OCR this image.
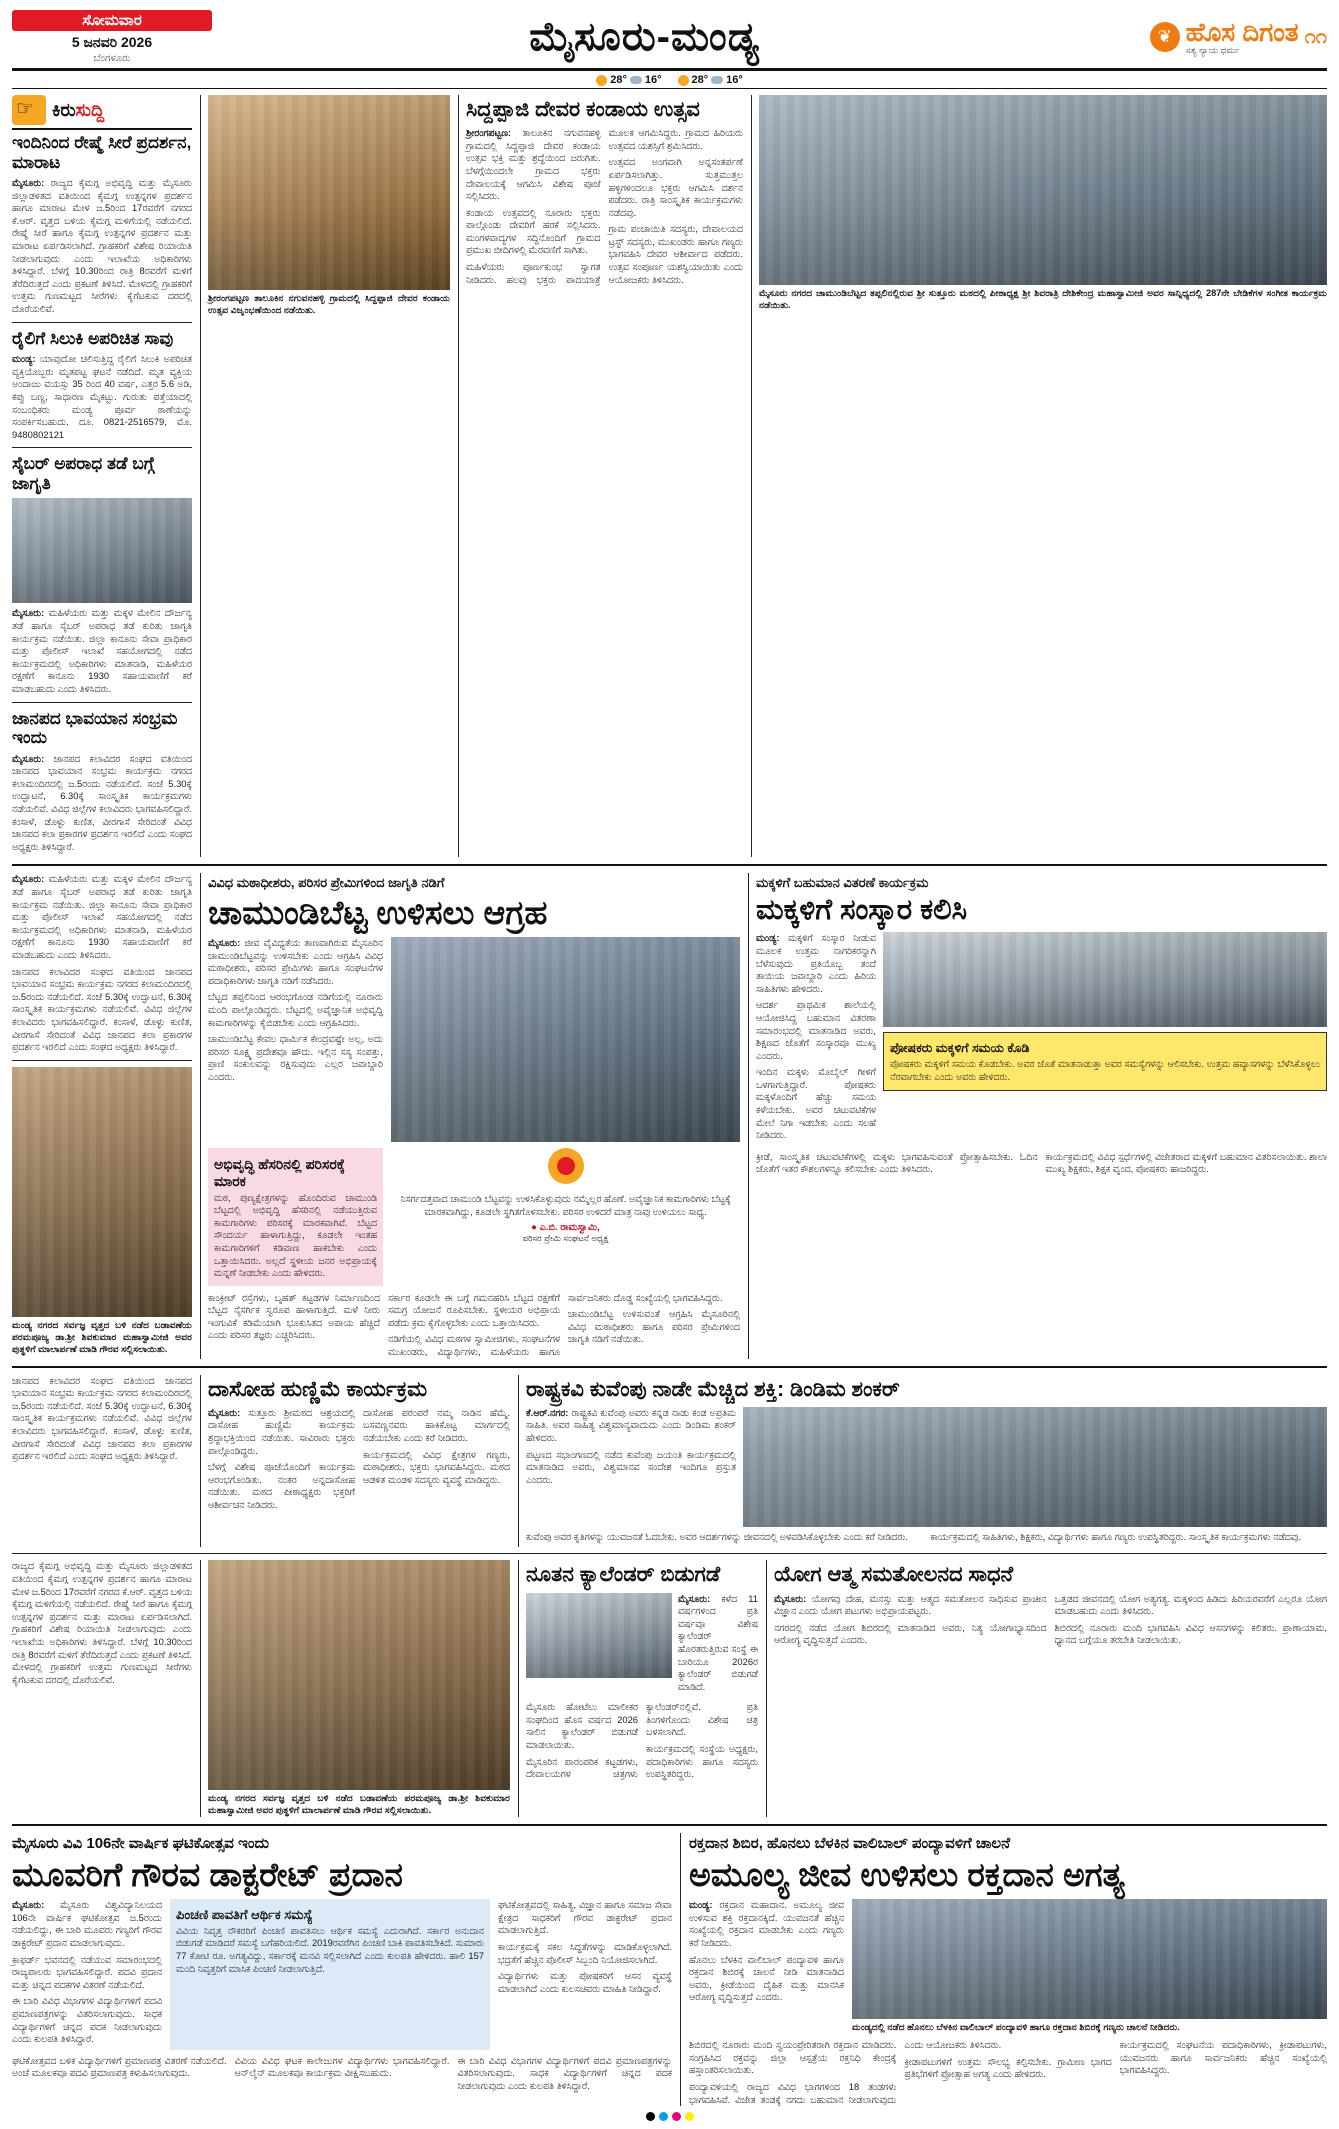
ಸೋಮವಾರ
5 ಜನವರಿ 2026
ಬೆಂಗಳೂರು	ಮೈಸೂರು-ಮಂಡ್ಯ	❦ ಹೊಸ ದಿಗಂತ
ಸತ್ಯ ನ್ಯಾಯ ಧರ್ಮ
೧೧
28° 16°	28° 16°
☞
ಕಿರುಸುದ್ದಿ
ಇಂದಿನಿಂದ ರೇಷ್ಮೆ ಸೀರೆ ಪ್ರದರ್ಶನ, ಮಾರಾಟ

ಮೈಸೂರು: ರಾಜ್ಯದ ಕೈಮಗ್ಗ ಅಭಿವೃದ್ಧಿ ಮತ್ತು ಮೈಸೂರು ಜಿಲ್ಲಾಡಳಿತದ ವತಿಯಿಂದ ಕೈಮಗ್ಗ ಉತ್ಪನ್ನಗಳ ಪ್ರದರ್ಶನ ಹಾಗೂ ಮಾರಾಟ ಮೇಳ ಜ.5ರಿಂದ 17ರವರೆಗೆ ನಗರದ ಕೆ.ಆರ್. ವೃತ್ತದ ಬಳಿಯ ಕೈಮಗ್ಗ ಮಳಿಗೆಯಲ್ಲಿ ನಡೆಯಲಿದೆ. ರೇಷ್ಮೆ ಸೀರೆ ಹಾಗೂ ಕೈಮಗ್ಗ ಉತ್ಪನ್ನಗಳ ಪ್ರದರ್ಶನ ಮತ್ತು ಮಾರಾಟ ಏರ್ಪಡಿಸಲಾಗಿದೆ. ಗ್ರಾಹಕರಿಗೆ ವಿಶೇಷ ರಿಯಾಯಿತಿ ನೀಡಲಾಗುವುದು ಎಂದು ಇಲಾಖೆಯ ಅಧಿಕಾರಿಗಳು ತಿಳಿಸಿದ್ದಾರೆ. ಬೆಳಗ್ಗೆ 10.30ರಿಂದ ರಾತ್ರಿ 8ರವರೆಗೆ ಮಳಿಗೆ ತೆರೆದಿರುತ್ತದೆ ಎಂದು ಪ್ರಕಟಣೆ ತಿಳಿಸಿದೆ. ಮೇಳದಲ್ಲಿ ಗ್ರಾಹಕರಿಗೆ ಉತ್ತಮ ಗುಣಮಟ್ಟದ ಸೀರೆಗಳು ಕೈಗೆಟಕುವ ದರದಲ್ಲಿ ದೊರೆಯಲಿವೆ.

ರೈಲಿಗೆ ಸಿಲುಕಿ ಅಪರಿಚಿತ ಸಾವು

ಮಂಡ್ಯ: ಯಾವುದೋ ಚಲಿಸುತ್ತಿದ್ದ ರೈಲಿಗೆ ಸಿಲುಕಿ ಅಪರಿಚಿತ ವ್ಯಕ್ತಿಯೊಬ್ಬರು ಮೃತಪಟ್ಟ ಘಟನೆ ನಡೆದಿದೆ. ಮೃತ ವ್ಯಕ್ತಿಯ ಅಂದಾಜು ವಯಸ್ಸು 35 ರಿಂದ 40 ವರ್ಷ, ಎತ್ತರ 5.6 ಅಡಿ, ಕಪ್ಪು ಬಣ್ಣ, ಸಾಧಾರಣ ಮೈಕಟ್ಟು. ಗುರುತು ಪತ್ತೆಯಾದಲ್ಲಿ ಸಂಬಂಧಿಕರು ಮಂಡ್ಯ ಪೂರ್ವ ಠಾಣೆಯನ್ನು ಸಂಪರ್ಕಿಸಬಹುದು. ದೂ. 0821-2516579, ಮೊ. 9480802121

ಸೈಬರ್ ಅಪರಾಧ ತಡೆ ಬಗ್ಗೆ ಜಾಗೃತಿ

ಮೈಸೂರು: ಮಹಿಳೆಯರು ಮತ್ತು ಮಕ್ಕಳ ಮೇಲಿನ ದೌರ್ಜನ್ಯ ತಡೆ ಹಾಗೂ ಸೈಬರ್ ಅಪರಾಧ ತಡೆ ಕುರಿತು ಜಾಗೃತಿ ಕಾರ್ಯಕ್ರಮ ನಡೆಯಿತು. ಜಿಲ್ಲಾ ಕಾನೂನು ಸೇವಾ ಪ್ರಾಧಿಕಾರ ಮತ್ತು ಪೊಲೀಸ್ ಇಲಾಖೆ ಸಹಯೋಗದಲ್ಲಿ ನಡೆದ ಕಾರ್ಯಕ್ರಮದಲ್ಲಿ ಅಧಿಕಾರಿಗಳು ಮಾತನಾಡಿ, ಮಹಿಳೆಯರ ರಕ್ಷಣೆಗೆ ಕಾನೂನು 1930 ಸಹಾಯವಾಣಿಗೆ ಕರೆ ಮಾಡಬಹುದು ಎಂದು ತಿಳಿಸಿದರು.

ಜಾನಪದ ಭಾವಯಾನ ಸಂಭ್ರಮ ಇಂದು

ಮೈಸೂರು: ಜಾನಪದ ಕಲಾವಿದರ ಸಂಘದ ವತಿಯಿಂದ ಜಾನಪದ ಭಾವಯಾನ ಸಂಭ್ರಮ ಕಾರ್ಯಕ್ರಮ ನಗರದ ಕಲಾಮಂದಿರದಲ್ಲಿ ಜ.5ರಂದು ನಡೆಯಲಿದೆ. ಸಂಜೆ 5.30ಕ್ಕೆ ಉದ್ಘಾಟನೆ, 6.30ಕ್ಕೆ ಸಾಂಸ್ಕೃತಿಕ ಕಾರ್ಯಕ್ರಮಗಳು ನಡೆಯಲಿವೆ. ವಿವಿಧ ಜಿಲ್ಲೆಗಳ ಕಲಾವಿದರು ಭಾಗವಹಿಸಲಿದ್ದಾರೆ. ಕಂಸಾಳೆ, ಡೊಳ್ಳು ಕುಣಿತ, ವೀರಗಾಸೆ ಸೇರಿದಂತೆ ವಿವಿಧ ಜಾನಪದ ಕಲಾ ಪ್ರಕಾರಗಳ ಪ್ರದರ್ಶನ ಇರಲಿದೆ ಎಂದು ಸಂಘದ ಅಧ್ಯಕ್ಷರು ತಿಳಿಸಿದ್ದಾರೆ.

ಶ್ರೀರಂಗಪಟ್ಟಣ ತಾಲೂಕಿನ ನಗುವನಹಳ್ಳಿ ಗ್ರಾಮದಲ್ಲಿ ಸಿದ್ದಪ್ಪಾಜಿ ದೇವರ ಕಂಡಾಯ ಉತ್ಸವ ವಿಜೃಂಭಣೆಯಿಂದ ನಡೆಯಿತು.
ಸಿದ್ದಪ್ಪಾಜಿ ದೇವರ ಕಂಡಾಯ ಉತ್ಸವ

ಶ್ರೀರಂಗಪಟ್ಟಣ: ತಾಲೂಕಿನ ನಗುವನಹಳ್ಳಿ ಗ್ರಾಮದಲ್ಲಿ ಸಿದ್ದಪ್ಪಾಜಿ ದೇವರ ಕಂಡಾಯ ಉತ್ಸವ ಭಕ್ತಿ ಮತ್ತು ಶ್ರದ್ಧೆಯಿಂದ ಜರುಗಿತು. ಬೆಳಗ್ಗೆಯಿಂದಲೇ ಗ್ರಾಮದ ಭಕ್ತರು ದೇವಾಲಯಕ್ಕೆ ಆಗಮಿಸಿ ವಿಶೇಷ ಪೂಜೆ ಸಲ್ಲಿಸಿದರು.

ಕಂಡಾಯ ಉತ್ಸವದಲ್ಲಿ ನೂರಾರು ಭಕ್ತರು ಪಾಲ್ಗೊಂಡು ದೇವರಿಗೆ ಹರಕೆ ಸಲ್ಲಿಸಿದರು. ಮಂಗಳವಾದ್ಯಗಳ ಸದ್ದಿನೊಂದಿಗೆ ಗ್ರಾಮದ ಪ್ರಮುಖ ಬೀದಿಗಳಲ್ಲಿ ಮೆರವಣಿಗೆ ಸಾಗಿತು.

ಮಹಿಳೆಯರು ಪೂರ್ಣಕುಂಭ ಸ್ವಾಗತ ನೀಡಿದರು. ಹಲವು ಭಕ್ತರು ಪಾದಯಾತ್ರೆ ಮೂಲಕ ಆಗಮಿಸಿದ್ದರು. ಗ್ರಾಮದ ಹಿರಿಯರು ಉತ್ಸವದ ಯಶಸ್ಸಿಗೆ ಶ್ರಮಿಸಿದರು.

ಉತ್ಸವದ ಅಂಗವಾಗಿ ಅನ್ನಸಂತರ್ಪಣೆ ಏರ್ಪಡಿಸಲಾಗಿತ್ತು. ಸುತ್ತಮುತ್ತಲ ಹಳ್ಳಿಗಳಿಂದಲೂ ಭಕ್ತರು ಆಗಮಿಸಿ ದರ್ಶನ ಪಡೆದರು. ರಾತ್ರಿ ಸಾಂಸ್ಕೃತಿಕ ಕಾರ್ಯಕ್ರಮಗಳು ನಡೆದವು.

ಗ್ರಾಮ ಪಂಚಾಯಿತಿ ಸದಸ್ಯರು, ದೇವಾಲಯದ ಟ್ರಸ್ಟ್ ಸದಸ್ಯರು, ಮುಖಂಡರು ಹಾಗೂ ಗಣ್ಯರು ಭಾಗವಹಿಸಿ ದೇವರ ಆಶೀರ್ವಾದ ಪಡೆದರು. ಉತ್ಸವ ಸಂಪೂರ್ಣ ಯಶಸ್ವಿಯಾಯಿತು ಎಂದು ಆಯೋಜಕರು ತಿಳಿಸಿದರು.

ಮೈಸೂರು ನಗರದ ಚಾಮುಂಡಿಬೆಟ್ಟದ ತಪ್ಪಲಿನಲ್ಲಿರುವ ಶ್ರೀ ಸುತ್ತೂರು ಮಠದಲ್ಲಿ ಪೀಠಾಧ್ಯಕ್ಷ ಶ್ರೀ ಶಿವರಾತ್ರಿ ದೇಶಿಕೇಂದ್ರ ಮಹಾಸ್ವಾಮೀಜಿ ಅವರ ಸಾನ್ನಿಧ್ಯದಲ್ಲಿ 287ನೇ ಬೇಡಿಕೆಗಳ ಸಂಗೀತ ಕಾರ್ಯಕ್ರಮ ನಡೆಯಿತು.

ಮೈಸೂರು: ಮಹಿಳೆಯರು ಮತ್ತು ಮಕ್ಕಳ ಮೇಲಿನ ದೌರ್ಜನ್ಯ ತಡೆ ಹಾಗೂ ಸೈಬರ್ ಅಪರಾಧ ತಡೆ ಕುರಿತು ಜಾಗೃತಿ ಕಾರ್ಯಕ್ರಮ ನಡೆಯಿತು. ಜಿಲ್ಲಾ ಕಾನೂನು ಸೇವಾ ಪ್ರಾಧಿಕಾರ ಮತ್ತು ಪೊಲೀಸ್ ಇಲಾಖೆ ಸಹಯೋಗದಲ್ಲಿ ನಡೆದ ಕಾರ್ಯಕ್ರಮದಲ್ಲಿ ಅಧಿಕಾರಿಗಳು ಮಾತನಾಡಿ, ಮಹಿಳೆಯರ ರಕ್ಷಣೆಗೆ ಕಾನೂನು 1930 ಸಹಾಯವಾಣಿಗೆ ಕರೆ ಮಾಡಬಹುದು ಎಂದು ತಿಳಿಸಿದರು.

ಜಾನಪದ ಕಲಾವಿದರ ಸಂಘದ ವತಿಯಿಂದ ಜಾನಪದ ಭಾವಯಾನ ಸಂಭ್ರಮ ಕಾರ್ಯಕ್ರಮ ನಗರದ ಕಲಾಮಂದಿರದಲ್ಲಿ ಜ.5ರಂದು ನಡೆಯಲಿದೆ. ಸಂಜೆ 5.30ಕ್ಕೆ ಉದ್ಘಾಟನೆ, 6.30ಕ್ಕೆ ಸಾಂಸ್ಕೃತಿಕ ಕಾರ್ಯಕ್ರಮಗಳು ನಡೆಯಲಿವೆ. ವಿವಿಧ ಜಿಲ್ಲೆಗಳ ಕಲಾವಿದರು ಭಾಗವಹಿಸಲಿದ್ದಾರೆ. ಕಂಸಾಳೆ, ಡೊಳ್ಳು ಕುಣಿತ, ವೀರಗಾಸೆ ಸೇರಿದಂತೆ ವಿವಿಧ ಜಾನಪದ ಕಲಾ ಪ್ರಕಾರಗಳ ಪ್ರದರ್ಶನ ಇರಲಿದೆ ಎಂದು ಸಂಘದ ಅಧ್ಯಕ್ಷರು ತಿಳಿಸಿದ್ದಾರೆ.

ಮಂಡ್ಯ ನಗರದ ಸರ್ವಜ್ಞ ವೃತ್ತದ ಬಳಿ ನಡೆದ ಬಡಾವಣೆಯ ಪರಮಪೂಜ್ಯ ಡಾ.ಶ್ರೀ ಶಿವಕುಮಾರ ಮಹಾಸ್ವಾಮೀಜಿ ಅವರ ಪುತ್ಥಳಿಗೆ ಮಾಲಾರ್ಪಣೆ ಮಾಡಿ ಗೌರವ ಸಲ್ಲಿಸಲಾಯಿತು.
ವಿವಿಧ ಮಠಾಧೀಶರು, ಪರಿಸರ ಪ್ರೇಮಿಗಳಿಂದ ಜಾಗೃತಿ ನಡಿಗೆ
ಚಾಮುಂಡಿಬೆಟ್ಟ ಉಳಿಸಲು ಆಗ್ರಹ

ಮೈಸೂರು: ಜೀವ ವೈವಿಧ್ಯತೆಯ ತಾಣವಾಗಿರುವ ಮೈಸೂರಿನ ಚಾಮುಂಡಿಬೆಟ್ಟವನ್ನು ಉಳಿಸಬೇಕು ಎಂದು ಆಗ್ರಹಿಸಿ ವಿವಿಧ ಮಠಾಧೀಶರು, ಪರಿಸರ ಪ್ರೇಮಿಗಳು ಹಾಗೂ ಸಂಘಟನೆಗಳ ಪದಾಧಿಕಾರಿಗಳು ಜಾಗೃತಿ ನಡಿಗೆ ನಡೆಸಿದರು.

ಬೆಟ್ಟದ ತಪ್ಪಲಿನಿಂದ ಆರಂಭಗೊಂಡ ನಡಿಗೆಯಲ್ಲಿ ನೂರಾರು ಮಂದಿ ಪಾಲ್ಗೊಂಡಿದ್ದರು. ಬೆಟ್ಟದಲ್ಲಿ ಅವೈಜ್ಞಾನಿಕ ಅಭಿವೃದ್ಧಿ ಕಾಮಗಾರಿಗಳನ್ನು ಕೈಬಿಡಬೇಕು ಎಂದು ಆಗ್ರಹಿಸಿದರು.

ಚಾಮುಂಡಿಬೆಟ್ಟ ಕೇವಲ ಧಾರ್ಮಿಕ ಕೇಂದ್ರವಷ್ಟೇ ಅಲ್ಲ, ಅದು ಪರಿಸರ ಸೂಕ್ಷ್ಮ ಪ್ರದೇಶವೂ ಹೌದು. ಇಲ್ಲಿನ ಸಸ್ಯ ಸಂಪತ್ತು, ಪ್ರಾಣಿ ಸಂಕುಲವನ್ನು ರಕ್ಷಿಸುವುದು ಎಲ್ಲರ ಜವಾಬ್ದಾರಿ ಎಂದರು.

ಅಭಿವೃದ್ಧಿ ಹೆಸರಿನಲ್ಲಿ ಪರಿಸರಕ್ಕೆ ಮಾರಕ
ಮಠ, ಪುಣ್ಯಕ್ಷೇತ್ರಗಳನ್ನು ಹೊಂದಿರುವ ಚಾಮುಂಡಿ ಬೆಟ್ಟದಲ್ಲಿ ಅಭಿವೃದ್ಧಿ ಹೆಸರಿನಲ್ಲಿ ನಡೆಯುತ್ತಿರುವ ಕಾಮಗಾರಿಗಳು ಪರಿಸರಕ್ಕೆ ಮಾರಕವಾಗಿವೆ. ಬೆಟ್ಟದ ಸೌಂದರ್ಯ ಹಾಳಾಗುತ್ತಿದ್ದು, ಕೂಡಲೇ ಇಂತಹ ಕಾಮಗಾರಿಗಳಿಗೆ ಕಡಿವಾಣ ಹಾಕಬೇಕು ಎಂದು ಒತ್ತಾಯಿಸಿದರು. ಅಲ್ಲದೆ ಸ್ಥಳೀಯ ಜನರ ಅಭಿಪ್ರಾಯಕ್ಕೆ ಮನ್ನಣೆ ನೀಡಬೇಕು ಎಂದು ಹೇಳಿದರು.
ನಿಸರ್ಗದತ್ತವಾದ ಚಾಮುಂಡಿ ಬೆಟ್ಟವನ್ನು ಉಳಿಸಿಕೊಳ್ಳುವುದು ನಮ್ಮೆಲ್ಲರ ಹೊಣೆ. ಅವೈಜ್ಞಾನಿಕ ಕಾಮಗಾರಿಗಳು ಬೆಟ್ಟಕ್ಕೆ ಮಾರಕವಾಗಿದ್ದು, ಕೂಡಲೇ ಸ್ಥಗಿತಗೊಳಿಸಬೇಕು. ಪರಿಸರ ಉಳಿದರೆ ಮಾತ್ರ ನಾವು ಉಳಿಯಲು ಸಾಧ್ಯ.
● ಎ.ಬಿ. ರಾಮಸ್ವಾಮಿ,
ಪರಿಸರ ಪ್ರೇಮಿ ಸಂಘಟನೆ ಅಧ್ಯಕ್ಷ

ಕಾಂಕ್ರೀಟ್ ರಸ್ತೆಗಳು, ಬೃಹತ್ ಕಟ್ಟಡಗಳ ನಿರ್ಮಾಣದಿಂದ ಬೆಟ್ಟದ ನೈಸರ್ಗಿಕ ಸ್ವರೂಪ ಹಾಳಾಗುತ್ತಿದೆ. ಮಳೆ ನೀರು ಇಂಗುವಿಕೆ ಕಡಿಮೆಯಾಗಿ ಭೂಕುಸಿತದ ಅಪಾಯ ಹೆಚ್ಚಿದೆ ಎಂದು ಪರಿಸರ ತಜ್ಞರು ಎಚ್ಚರಿಸಿದರು.

ಸರ್ಕಾರ ಕೂಡಲೇ ಈ ಬಗ್ಗೆ ಗಮನಹರಿಸಿ ಬೆಟ್ಟದ ರಕ್ಷಣೆಗೆ ಸಮಗ್ರ ಯೋಜನೆ ರೂಪಿಸಬೇಕು. ಸ್ಥಳೀಯರ ಅಭಿಪ್ರಾಯ ಪಡೆದು ಕ್ರಮ ಕೈಗೊಳ್ಳಬೇಕು ಎಂದು ಒತ್ತಾಯಿಸಿದರು.

ನಡಿಗೆಯಲ್ಲಿ ವಿವಿಧ ಮಠಗಳ ಸ್ವಾಮೀಜಿಗಳು, ಸಂಘಟನೆಗಳ ಮುಖಂಡರು, ವಿದ್ಯಾರ್ಥಿಗಳು, ಮಹಿಳೆಯರು ಹಾಗೂ ಸಾರ್ವಜನಿಕರು ದೊಡ್ಡ ಸಂಖ್ಯೆಯಲ್ಲಿ ಭಾಗವಹಿಸಿದ್ದರು.

ಚಾಮುಂಡಿಬೆಟ್ಟ ಉಳಿಸುವಂತೆ ಆಗ್ರಹಿಸಿ ಮೈಸೂರಿನಲ್ಲಿ ವಿವಿಧ ಮಠಾಧೀಶರು ಹಾಗೂ ಪರಿಸರ ಪ್ರೇಮಿಗಳಿಂದ ಜಾಗೃತಿ ನಡಿಗೆ ನಡೆಯಿತು.

ಮಕ್ಕಳಿಗೆ ಬಹುಮಾನ ವಿತರಣೆ ಕಾರ್ಯಕ್ರಮ
ಮಕ್ಕಳಿಗೆ ಸಂಸ್ಕಾರ ಕಲಿಸಿ

ಮಂಡ್ಯ: ಮಕ್ಕಳಿಗೆ ಸಂಸ್ಕಾರ ನೀಡುವ ಮೂಲಕ ಉತ್ತಮ ನಾಗರಿಕರನ್ನಾಗಿ ಬೆಳೆಸುವುದು ಪ್ರತಿಯೊಬ್ಬ ತಂದೆ ತಾಯಿಯ ಜವಾಬ್ದಾರಿ ಎಂದು ಹಿರಿಯ ಸಾಹಿತಿಗಳು ಹೇಳಿದರು.

ಆದರ್ಶ ಪ್ರಾಥಮಿಕ ಶಾಲೆಯಲ್ಲಿ ಆಯೋಜಿಸಿದ್ದ ಬಹುಮಾನ ವಿತರಣಾ ಸಮಾರಂಭದಲ್ಲಿ ಮಾತನಾಡಿದ ಅವರು, ಶಿಕ್ಷಣದ ಜೊತೆಗೆ ಸಂಸ್ಕಾರವೂ ಮುಖ್ಯ ಎಂದರು.

ಇಂದಿನ ಮಕ್ಕಳು ಮೊಬೈಲ್ ಗೀಳಿಗೆ ಒಳಗಾಗುತ್ತಿದ್ದಾರೆ. ಪೋಷಕರು ಮಕ್ಕಳೊಂದಿಗೆ ಹೆಚ್ಚು ಸಮಯ ಕಳೆಯಬೇಕು. ಅವರ ಚಟುವಟಿಕೆಗಳ ಮೇಲೆ ನಿಗಾ ಇಡಬೇಕು ಎಂದು ಸಲಹೆ ನೀಡಿದರು.

ಪೋಷಕರು ಮಕ್ಕಳಿಗೆ ಸಮಯ ಕೊಡಿ
ಪೋಷಕರು ಮಕ್ಕಳಿಗೆ ಸಮಯ ಕೊಡಬೇಕು. ಅವರ ಜೊತೆ ಮಾತನಾಡುತ್ತಾ ಅವರ ಸಮಸ್ಯೆಗಳನ್ನು ಆಲಿಸಬೇಕು. ಉತ್ತಮ ಹವ್ಯಾಸಗಳನ್ನು ಬೆಳೆಸಿಕೊಳ್ಳಲು ನೆರವಾಗಬೇಕು ಎಂದು ಅವರು ಹೇಳಿದರು.

ಕ್ರೀಡೆ, ಸಾಂಸ್ಕೃತಿಕ ಚಟುವಟಿಕೆಗಳಲ್ಲಿ ಮಕ್ಕಳು ಭಾಗವಹಿಸುವಂತೆ ಪ್ರೋತ್ಸಾಹಿಸಬೇಕು. ಓದಿನ ಜೊತೆಗೆ ಇತರ ಕೌಶಲಗಳನ್ನೂ ಕಲಿಸಬೇಕು ಎಂದು ತಿಳಿಸಿದರು.

ಕಾರ್ಯಕ್ರಮದಲ್ಲಿ ವಿವಿಧ ಸ್ಪರ್ಧೆಗಳಲ್ಲಿ ವಿಜೇತರಾದ ಮಕ್ಕಳಿಗೆ ಬಹುಮಾನ ವಿತರಿಸಲಾಯಿತು. ಶಾಲಾ ಮುಖ್ಯ ಶಿಕ್ಷಕರು, ಶಿಕ್ಷಕ ವೃಂದ, ಪೋಷಕರು ಹಾಜರಿದ್ದರು.

ಜಾನಪದ ಕಲಾವಿದರ ಸಂಘದ ವತಿಯಿಂದ ಜಾನಪದ ಭಾವಯಾನ ಸಂಭ್ರಮ ಕಾರ್ಯಕ್ರಮ ನಗರದ ಕಲಾಮಂದಿರದಲ್ಲಿ ಜ.5ರಂದು ನಡೆಯಲಿದೆ. ಸಂಜೆ 5.30ಕ್ಕೆ ಉದ್ಘಾಟನೆ, 6.30ಕ್ಕೆ ಸಾಂಸ್ಕೃತಿಕ ಕಾರ್ಯಕ್ರಮಗಳು ನಡೆಯಲಿವೆ. ವಿವಿಧ ಜಿಲ್ಲೆಗಳ ಕಲಾವಿದರು ಭಾಗವಹಿಸಲಿದ್ದಾರೆ. ಕಂಸಾಳೆ, ಡೊಳ್ಳು ಕುಣಿತ, ವೀರಗಾಸೆ ಸೇರಿದಂತೆ ವಿವಿಧ ಜಾನಪದ ಕಲಾ ಪ್ರಕಾರಗಳ ಪ್ರದರ್ಶನ ಇರಲಿದೆ ಎಂದು ಸಂಘದ ಅಧ್ಯಕ್ಷರು ತಿಳಿಸಿದ್ದಾರೆ.

ದಾಸೋಹ ಹುಣ್ಣಿಮೆ ಕಾರ್ಯಕ್ರಮ

ಮೈಸೂರು: ಸುತ್ತೂರು ಶ್ರೀಮಠದ ಆಶ್ರಯದಲ್ಲಿ ದಾಸೋಹ ಹುಣ್ಣಿಮೆ ಕಾರ್ಯಕ್ರಮ ಶ್ರದ್ಧಾಭಕ್ತಿಯಿಂದ ನಡೆಯಿತು. ಸಾವಿರಾರು ಭಕ್ತರು ಪಾಲ್ಗೊಂಡಿದ್ದರು.

ಬೆಳಗ್ಗೆ ವಿಶೇಷ ಪೂಜೆಯೊಂದಿಗೆ ಕಾರ್ಯಕ್ರಮ ಆರಂಭಗೊಂಡಿತು. ನಂತರ ಅನ್ನದಾಸೋಹ ನಡೆಯಿತು. ಮಠದ ಪೀಠಾಧ್ಯಕ್ಷರು ಭಕ್ತರಿಗೆ ಆಶೀರ್ವಚನ ನೀಡಿದರು.

ದಾಸೋಹ ಪರಂಪರೆ ನಮ್ಮ ನಾಡಿನ ಹೆಮ್ಮೆ. ಬಸವಣ್ಣನವರು ಹಾಕಿಕೊಟ್ಟ ಮಾರ್ಗದಲ್ಲಿ ನಡೆಯಬೇಕು ಎಂದು ಕರೆ ನೀಡಿದರು.

ಕಾರ್ಯಕ್ರಮದಲ್ಲಿ ವಿವಿಧ ಕ್ಷೇತ್ರಗಳ ಗಣ್ಯರು, ಮಠಾಧೀಶರು, ಭಕ್ತರು ಭಾಗವಹಿಸಿದ್ದರು. ಮಠದ ಆಡಳಿತ ಮಂಡಳಿ ಸದಸ್ಯರು ವ್ಯವಸ್ಥೆ ಮಾಡಿದ್ದರು.

ರಾಷ್ಟ್ರಕವಿ ಕುವೆಂಪು ನಾಡೇ ಮೆಚ್ಚಿದ ಶಕ್ತಿ: ಡಿಂಡಿಮ ಶಂಕರ್

ಕೆ.ಆರ್.ನಗರ: ರಾಷ್ಟ್ರಕವಿ ಕುವೆಂಪು ಅವರು ಕನ್ನಡ ನಾಡು ಕಂಡ ಅಪ್ರತಿಮ ಸಾಹಿತಿ. ಅವರ ಸಾಹಿತ್ಯ ವಿಶ್ವಮಾನ್ಯವಾದುದು ಎಂದು ಡಿಂಡಿಮ ಶಂಕರ್ ಹೇಳಿದರು.

ಪಟ್ಟಣದ ಸಭಾಂಗಣದಲ್ಲಿ ನಡೆದ ಕುವೆಂಪು ಜಯಂತಿ ಕಾರ್ಯಕ್ರಮದಲ್ಲಿ ಮಾತನಾಡಿದ ಅವರು, ವಿಶ್ವಮಾನವ ಸಂದೇಶ ಇಂದಿಗೂ ಪ್ರಸ್ತುತ ಎಂದರು.

ಕುವೆಂಪು ಅವರ ಕೃತಿಗಳನ್ನು ಯುವಜನತೆ ಓದಬೇಕು. ಅವರ ಆದರ್ಶಗಳನ್ನು ಜೀವನದಲ್ಲಿ ಅಳವಡಿಸಿಕೊಳ್ಳಬೇಕು ಎಂದು ಕರೆ ನೀಡಿದರು.	ಕಾರ್ಯಕ್ರಮದಲ್ಲಿ ಸಾಹಿತಿಗಳು, ಶಿಕ್ಷಕರು, ವಿದ್ಯಾರ್ಥಿಗಳು ಹಾಗೂ ಗಣ್ಯರು ಉಪಸ್ಥಿತರಿದ್ದರು. ಸಾಂಸ್ಕೃತಿಕ ಕಾರ್ಯಕ್ರಮಗಳು ನಡೆದವು.

ರಾಜ್ಯದ ಕೈಮಗ್ಗ ಅಭಿವೃದ್ಧಿ ಮತ್ತು ಮೈಸೂರು ಜಿಲ್ಲಾಡಳಿತದ ವತಿಯಿಂದ ಕೈಮಗ್ಗ ಉತ್ಪನ್ನಗಳ ಪ್ರದರ್ಶನ ಹಾಗೂ ಮಾರಾಟ ಮೇಳ ಜ.5ರಿಂದ 17ರವರೆಗೆ ನಗರದ ಕೆ.ಆರ್. ವೃತ್ತದ ಬಳಿಯ ಕೈಮಗ್ಗ ಮಳಿಗೆಯಲ್ಲಿ ನಡೆಯಲಿದೆ. ರೇಷ್ಮೆ ಸೀರೆ ಹಾಗೂ ಕೈಮಗ್ಗ ಉತ್ಪನ್ನಗಳ ಪ್ರದರ್ಶನ ಮತ್ತು ಮಾರಾಟ ಏರ್ಪಡಿಸಲಾಗಿದೆ. ಗ್ರಾಹಕರಿಗೆ ವಿಶೇಷ ರಿಯಾಯಿತಿ ನೀಡಲಾಗುವುದು ಎಂದು ಇಲಾಖೆಯ ಅಧಿಕಾರಿಗಳು ತಿಳಿಸಿದ್ದಾರೆ. ಬೆಳಗ್ಗೆ 10.30ರಿಂದ ರಾತ್ರಿ 8ರವರೆಗೆ ಮಳಿಗೆ ತೆರೆದಿರುತ್ತದೆ ಎಂದು ಪ್ರಕಟಣೆ ತಿಳಿಸಿದೆ. ಮೇಳದಲ್ಲಿ ಗ್ರಾಹಕರಿಗೆ ಉತ್ತಮ ಗುಣಮಟ್ಟದ ಸೀರೆಗಳು ಕೈಗೆಟಕುವ ದರದಲ್ಲಿ ದೊರೆಯಲಿವೆ.

ಮಂಡ್ಯ ನಗರದ ಸರ್ವಜ್ಞ ವೃತ್ತದ ಬಳಿ ನಡೆದ ಬಡಾವಣೆಯ ಪರಮಪೂಜ್ಯ ಡಾ.ಶ್ರೀ ಶಿವಕುಮಾರ ಮಹಾಸ್ವಾಮೀಜಿ ಅವರ ಪುತ್ಥಳಿಗೆ ಮಾಲಾರ್ಪಣೆ ಮಾಡಿ ಗೌರವ ಸಲ್ಲಿಸಲಾಯಿತು.
ನೂತನ ಕ್ಯಾಲೆಂಡರ್ ಬಿಡುಗಡೆ

ಮೈಸೂರು: ಕಳೆದ 11 ವರ್ಷಗಳಿಂದ ಪ್ರತಿ ವರ್ಷವೂ ವಿಶೇಷ ಕ್ಯಾಲೆಂಡರ್ ಹೊರತರುತ್ತಿರುವ ಸಂಸ್ಥೆ ಈ ಬಾರಿಯೂ 2026ರ ಕ್ಯಾಲೆಂಡರ್ ಬಿಡುಗಡೆ ಮಾಡಿದೆ.

ಮೈಸೂರು ಹೋಟೆಲು ಮಾಲೀಕರ ಸಂಘದಿಂದ ಹೊಸ ವರ್ಷದ 2026 ಸಾಲಿನ ಕ್ಯಾಲೆಂಡರ್ ಬಿಡುಗಡೆ ಮಾಡಲಾಯಿತು.

ಮೈಸೂರಿನ ಪಾರಂಪರಿಕ ಕಟ್ಟಡಗಳು, ದೇವಾಲಯಗಳ ಚಿತ್ರಗಳು ಕ್ಯಾಲೆಂಡರ್‌ನಲ್ಲಿವೆ. ಪ್ರತಿ ತಿಂಗಳಿಗೊಂದು ವಿಶೇಷ ಚಿತ್ರ ಬಳಸಲಾಗಿದೆ.

ಕಾರ್ಯಕ್ರಮದಲ್ಲಿ ಸಂಸ್ಥೆಯ ಅಧ್ಯಕ್ಷರು, ಪದಾಧಿಕಾರಿಗಳು ಹಾಗೂ ಸದಸ್ಯರು ಉಪಸ್ಥಿತರಿದ್ದರು.

ಯೋಗ ಆತ್ಮ ಸಮತೋಲನದ ಸಾಧನೆ

ಮೈಸೂರು: ಯೋಗವು ದೇಹ, ಮನಸ್ಸು ಮತ್ತು ಆತ್ಮದ ಸಮತೋಲನ ಸಾಧಿಸುವ ಪ್ರಾಚೀನ ವಿಜ್ಞಾನ ಎಂದು ಯೋಗ ಪಟುಗಳು ಅಭಿಪ್ರಾಯಪಟ್ಟರು.

ನಗರದಲ್ಲಿ ನಡೆದ ಯೋಗ ಶಿಬಿರದಲ್ಲಿ ಮಾತನಾಡಿದ ಅವರು, ನಿತ್ಯ ಯೋಗಾಭ್ಯಾಸದಿಂದ ಆರೋಗ್ಯ ವೃದ್ಧಿಸುತ್ತದೆ ಎಂದರು.

ಒತ್ತಡದ ಜೀವನದಲ್ಲಿ ಯೋಗ ಅತ್ಯಗತ್ಯ. ಮಕ್ಕಳಿಂದ ಹಿಡಿದು ಹಿರಿಯರವರೆಗೆ ಎಲ್ಲರೂ ಯೋಗ ಮಾಡಬಹುದು ಎಂದು ತಿಳಿಸಿದರು.

ಶಿಬಿರದಲ್ಲಿ ನೂರಾರು ಮಂದಿ ಭಾಗವಹಿಸಿ ವಿವಿಧ ಆಸನಗಳನ್ನು ಕಲಿತರು. ಪ್ರಾಣಾಯಾಮ, ಧ್ಯಾನದ ಬಗ್ಗೆಯೂ ತರಬೇತಿ ನೀಡಲಾಯಿತು.

ಮೈಸೂರು ವಿವಿ 106ನೇ ವಾರ್ಷಿಕ ಘಟಿಕೋತ್ಸವ ಇಂದು
ಮೂವರಿಗೆ ಗೌರವ ಡಾಕ್ಟರೇಟ್ ಪ್ರದಾನ

ಮೈಸೂರು: ಮೈಸೂರು ವಿಶ್ವವಿದ್ಯಾನಿಲಯದ 106ನೇ ವಾರ್ಷಿಕ ಘಟಿಕೋತ್ಸವ ಜ.5ರಂದು ನಡೆಯಲಿದ್ದು, ಈ ಬಾರಿ ಮೂವರು ಗಣ್ಯರಿಗೆ ಗೌರವ ಡಾಕ್ಟರೇಟ್ ಪ್ರದಾನ ಮಾಡಲಾಗುವುದು.

ಕ್ರಾಫರ್ಡ್ ಭವನದಲ್ಲಿ ನಡೆಯುವ ಸಮಾರಂಭದಲ್ಲಿ ರಾಜ್ಯಪಾಲರು ಭಾಗವಹಿಸಲಿದ್ದಾರೆ. ಪದವಿ ಪ್ರದಾನ ಮತ್ತು ಚಿನ್ನದ ಪದಕಗಳ ವಿತರಣೆ ನಡೆಯಲಿದೆ.

ಈ ಬಾರಿ ವಿವಿಧ ವಿಭಾಗಗಳ ವಿದ್ಯಾರ್ಥಿಗಳಿಗೆ ಪದವಿ ಪ್ರಮಾಣಪತ್ರಗಳನ್ನು ವಿತರಿಸಲಾಗುವುದು. ಸಾಧಕ ವಿದ್ಯಾರ್ಥಿಗಳಿಗೆ ಚಿನ್ನದ ಪದಕ ನೀಡಲಾಗುವುದು ಎಂದು ಕುಲಪತಿ ತಿಳಿಸಿದ್ದಾರೆ.

ಪಿಂಚಣಿ ಪಾವತಿಗೆ ಆರ್ಥಿಕ ಸಮಸ್ಯೆ
ವಿವಿಯ ನಿವೃತ್ತ ನೌಕರರಿಗೆ ಪಿಂಚಣಿ ಪಾವತಿಸಲು ಆರ್ಥಿಕ ಸಮಸ್ಯೆ ಎದುರಾಗಿದೆ. ಸರ್ಕಾರ ಅನುದಾನ ಬಿಡುಗಡೆ ಮಾಡಿದರೆ ಸಮಸ್ಯೆ ಬಗೆಹರಿಯಲಿದೆ. 2019ರವರೆಗಿನ ಪಿಂಚಣಿ ಬಾಕಿ ಪಾವತಿಸಬೇಕಿದೆ. ಸುಮಾರು 77 ಕೋಟಿ ರೂ. ಅಗತ್ಯವಿದ್ದು, ಸರ್ಕಾರಕ್ಕೆ ಮನವಿ ಸಲ್ಲಿಸಲಾಗಿದೆ ಎಂದು ಕುಲಪತಿ ಹೇಳಿದರು. ಹಾಲಿ 157 ಮಂದಿ ನಿವೃತ್ತರಿಗೆ ಮಾಸಿಕ ಪಿಂಚಣಿ ನೀಡಲಾಗುತ್ತಿದೆ.

ಘಟಿಕೋತ್ಸವದಲ್ಲಿ ಸಾಹಿತ್ಯ, ವಿಜ್ಞಾನ ಹಾಗೂ ಸಮಾಜ ಸೇವಾ ಕ್ಷೇತ್ರದ ಸಾಧಕರಿಗೆ ಗೌರವ ಡಾಕ್ಟರೇಟ್ ಪ್ರದಾನ ಮಾಡಲಾಗುತ್ತಿದೆ.

ಕಾರ್ಯಕ್ರಮಕ್ಕೆ ಸಕಲ ಸಿದ್ಧತೆಗಳನ್ನು ಮಾಡಿಕೊಳ್ಳಲಾಗಿದೆ. ಭದ್ರತೆಗೆ ಹೆಚ್ಚಿನ ಪೊಲೀಸ್ ಸಿಬ್ಬಂದಿ ನಿಯೋಜಿಸಲಾಗಿದೆ.

ವಿದ್ಯಾರ್ಥಿಗಳು ಮತ್ತು ಪೋಷಕರಿಗೆ ಆಸನ ವ್ಯವಸ್ಥೆ ಮಾಡಲಾಗಿದೆ ಎಂದು ಕುಲಸಚಿವರು ಮಾಹಿತಿ ನೀಡಿದ್ದಾರೆ.

ಘಟಿಕೋತ್ಸವದ ಬಳಿಕ ವಿದ್ಯಾರ್ಥಿಗಳಿಗೆ ಪ್ರಮಾಣಪತ್ರ ವಿತರಣೆ ನಡೆಯಲಿದೆ. ಅಂಚೆ ಮೂಲಕವೂ ಪದವಿ ಪ್ರಮಾಣಪತ್ರ ಕಳುಹಿಸಲಾಗುವುದು.

ವಿವಿಯ ವಿವಿಧ ಘಟಕ ಕಾಲೇಜುಗಳ ವಿದ್ಯಾರ್ಥಿಗಳು ಭಾಗವಹಿಸಲಿದ್ದಾರೆ. ಆನ್‌ಲೈನ್ ಮೂಲಕವೂ ಕಾರ್ಯಕ್ರಮ ವೀಕ್ಷಿಸಬಹುದು.

ಈ ಬಾರಿ ವಿವಿಧ ವಿಭಾಗಗಳ ವಿದ್ಯಾರ್ಥಿಗಳಿಗೆ ಪದವಿ ಪ್ರಮಾಣಪತ್ರಗಳನ್ನು ವಿತರಿಸಲಾಗುವುದು. ಸಾಧಕ ವಿದ್ಯಾರ್ಥಿಗಳಿಗೆ ಚಿನ್ನದ ಪದಕ ನೀಡಲಾಗುವುದು ಎಂದು ಕುಲಪತಿ ತಿಳಿಸಿದ್ದಾರೆ.

ರಕ್ತದಾನ ಶಿಬಿರ, ಹೊನಲು ಬೆಳಕಿನ ವಾಲಿಬಾಲ್ ಪಂದ್ಯಾವಳಿಗೆ ಚಾಲನೆ
ಅಮೂಲ್ಯ ಜೀವ ಉಳಿಸಲು ರಕ್ತದಾನ ಅಗತ್ಯ

ಮಂಡ್ಯ: ರಕ್ತದಾನ ಮಹಾದಾನ. ಅಮೂಲ್ಯ ಜೀವ ಉಳಿಸುವ ಶಕ್ತಿ ರಕ್ತದಾನಕ್ಕಿದೆ. ಯುವಜನತೆ ಹೆಚ್ಚಿನ ಸಂಖ್ಯೆಯಲ್ಲಿ ರಕ್ತದಾನ ಮಾಡಬೇಕು ಎಂದು ಗಣ್ಯರು ಕರೆ ನೀಡಿದರು.

ಹೊನಲು ಬೆಳಕಿನ ವಾಲಿಬಾಲ್ ಪಂದ್ಯಾವಳಿ ಹಾಗೂ ರಕ್ತದಾನ ಶಿಬಿರಕ್ಕೆ ಚಾಲನೆ ನೀಡಿ ಮಾತನಾಡಿದ ಅವರು, ಕ್ರೀಡೆಯಿಂದ ದೈಹಿಕ ಮತ್ತು ಮಾನಸಿಕ ಆರೋಗ್ಯ ವೃದ್ಧಿಸುತ್ತದೆ ಎಂದರು.

ಮಂಡ್ಯದಲ್ಲಿ ನಡೆದ ಹೊನಲು ಬೆಳಕಿನ ವಾಲಿಬಾಲ್ ಪಂದ್ಯಾವಳಿ ಹಾಗೂ ರಕ್ತದಾನ ಶಿಬಿರಕ್ಕೆ ಗಣ್ಯರು ಚಾಲನೆ ನೀಡಿದರು.

ಶಿಬಿರದಲ್ಲಿ ನೂರಾರು ಮಂದಿ ಸ್ವಯಂಪ್ರೇರಿತರಾಗಿ ರಕ್ತದಾನ ಮಾಡಿದರು. ಸಂಗ್ರಹಿಸಿದ ರಕ್ತವನ್ನು ಜಿಲ್ಲಾ ಆಸ್ಪತ್ರೆಯ ರಕ್ತನಿಧಿ ಕೇಂದ್ರಕ್ಕೆ ಹಸ್ತಾಂತರಿಸಲಾಯಿತು.

ಪಂದ್ಯಾವಳಿಯಲ್ಲಿ ರಾಜ್ಯದ ವಿವಿಧ ಭಾಗಗಳಿಂದ 18 ತಂಡಗಳು ಭಾಗವಹಿಸಿವೆ. ವಿಜೇತ ತಂಡಕ್ಕೆ ನಗದು ಬಹುಮಾನ ನೀಡಲಾಗುವುದು ಎಂದು ಆಯೋಜಕರು ತಿಳಿಸಿದರು.

ಕ್ರೀಡಾಪಟುಗಳಿಗೆ ಉತ್ತಮ ಸೌಲಭ್ಯ ಕಲ್ಪಿಸಬೇಕು. ಗ್ರಾಮೀಣ ಭಾಗದ ಪ್ರತಿಭೆಗಳಿಗೆ ಪ್ರೋತ್ಸಾಹ ಅಗತ್ಯ ಎಂದು ಹೇಳಿದರು.

ಕಾರ್ಯಕ್ರಮದಲ್ಲಿ ಸಂಘಟನೆಯ ಪದಾಧಿಕಾರಿಗಳು, ಕ್ರೀಡಾಪಟುಗಳು, ಯುವಜನರು ಹಾಗೂ ಸಾರ್ವಜನಿಕರು ಹೆಚ್ಚಿನ ಸಂಖ್ಯೆಯಲ್ಲಿ ಭಾಗವಹಿಸಿದ್ದರು.
